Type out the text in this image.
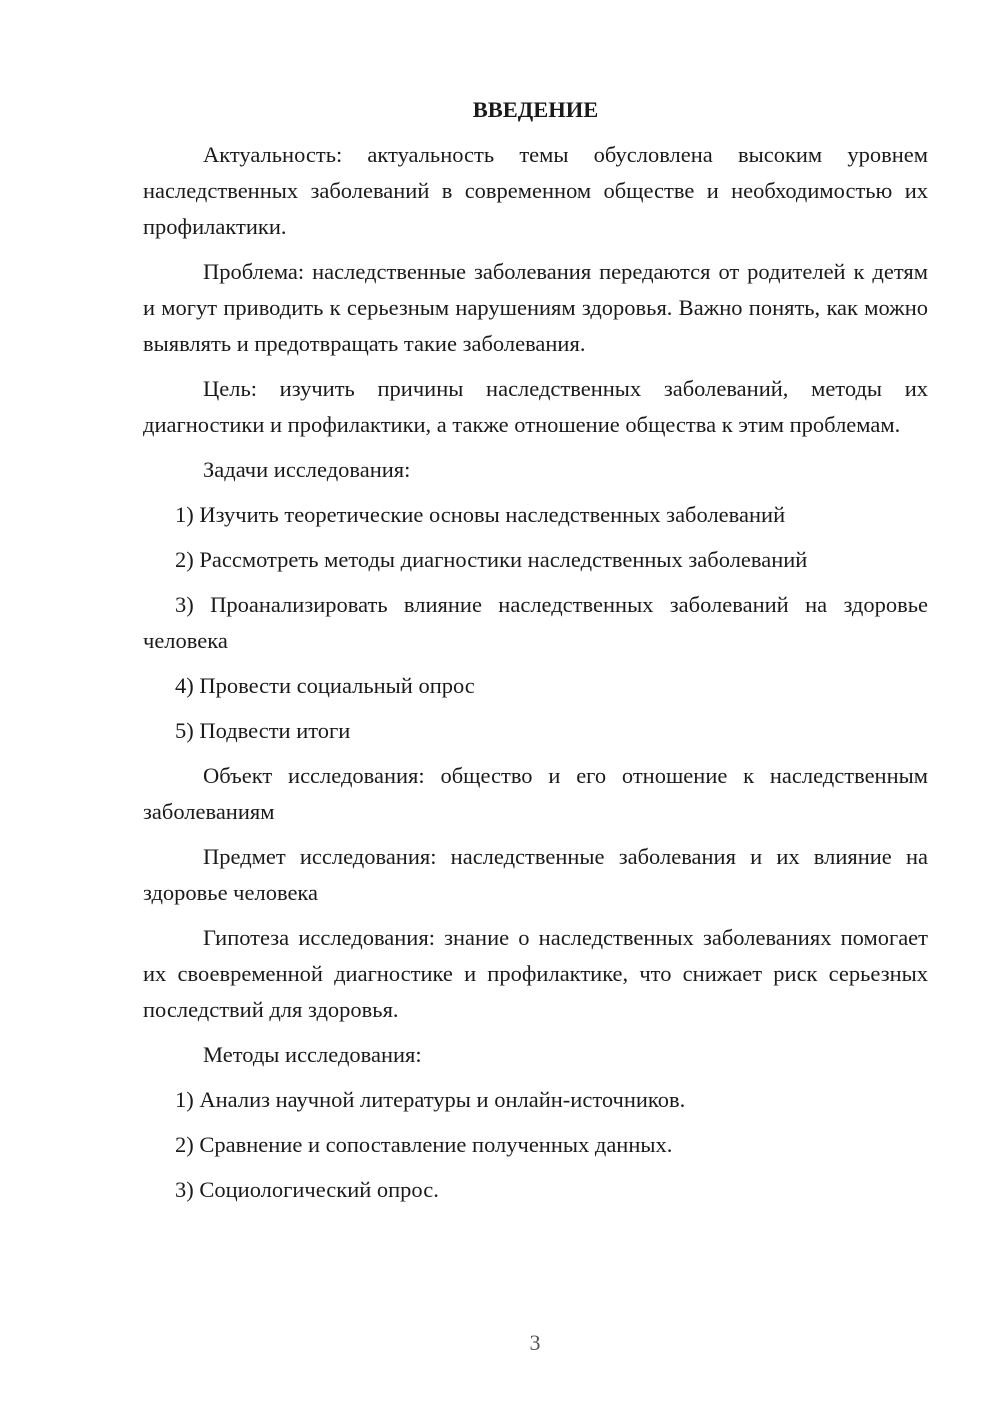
ВВЕДЕНИЕ

Актуальность: актуальность темы обусловлена высоким уровнем наследственных заболеваний в современном обществе и необходимостью их профилактики.

Проблема: наследственные заболевания передаются от родителей к детям и могут приводить к серьезным нарушениям здоровья. Важно понять, как можно выявлять и предотвращать такие заболевания.

Цель: изучить причины наследственных заболеваний, методы их диагностики и профилактики, а также отношение общества к этим проблемам.

Задачи исследования:

1) Изучить теоретические основы наследственных заболеваний

2) Рассмотреть методы диагностики наследственных заболеваний

3) Проанализировать влияние наследственных заболеваний на здоровье человека

4) Провести социальный опрос

5) Подвести итоги

Объект исследования: общество и его отношение к наследственным заболеваниям

Предмет исследования: наследственные заболевания и их влияние на здоровье человека

Гипотеза исследования: знание о наследственных заболеваниях помогает их своевременной диагностике и профилактике, что снижает риск серьезных последствий для здоровья.

Методы исследования:

1) Анализ научной литературы и онлайн-источников.

2) Сравнение и сопоставление полученных данных.

3) Социологический опрос.

3
